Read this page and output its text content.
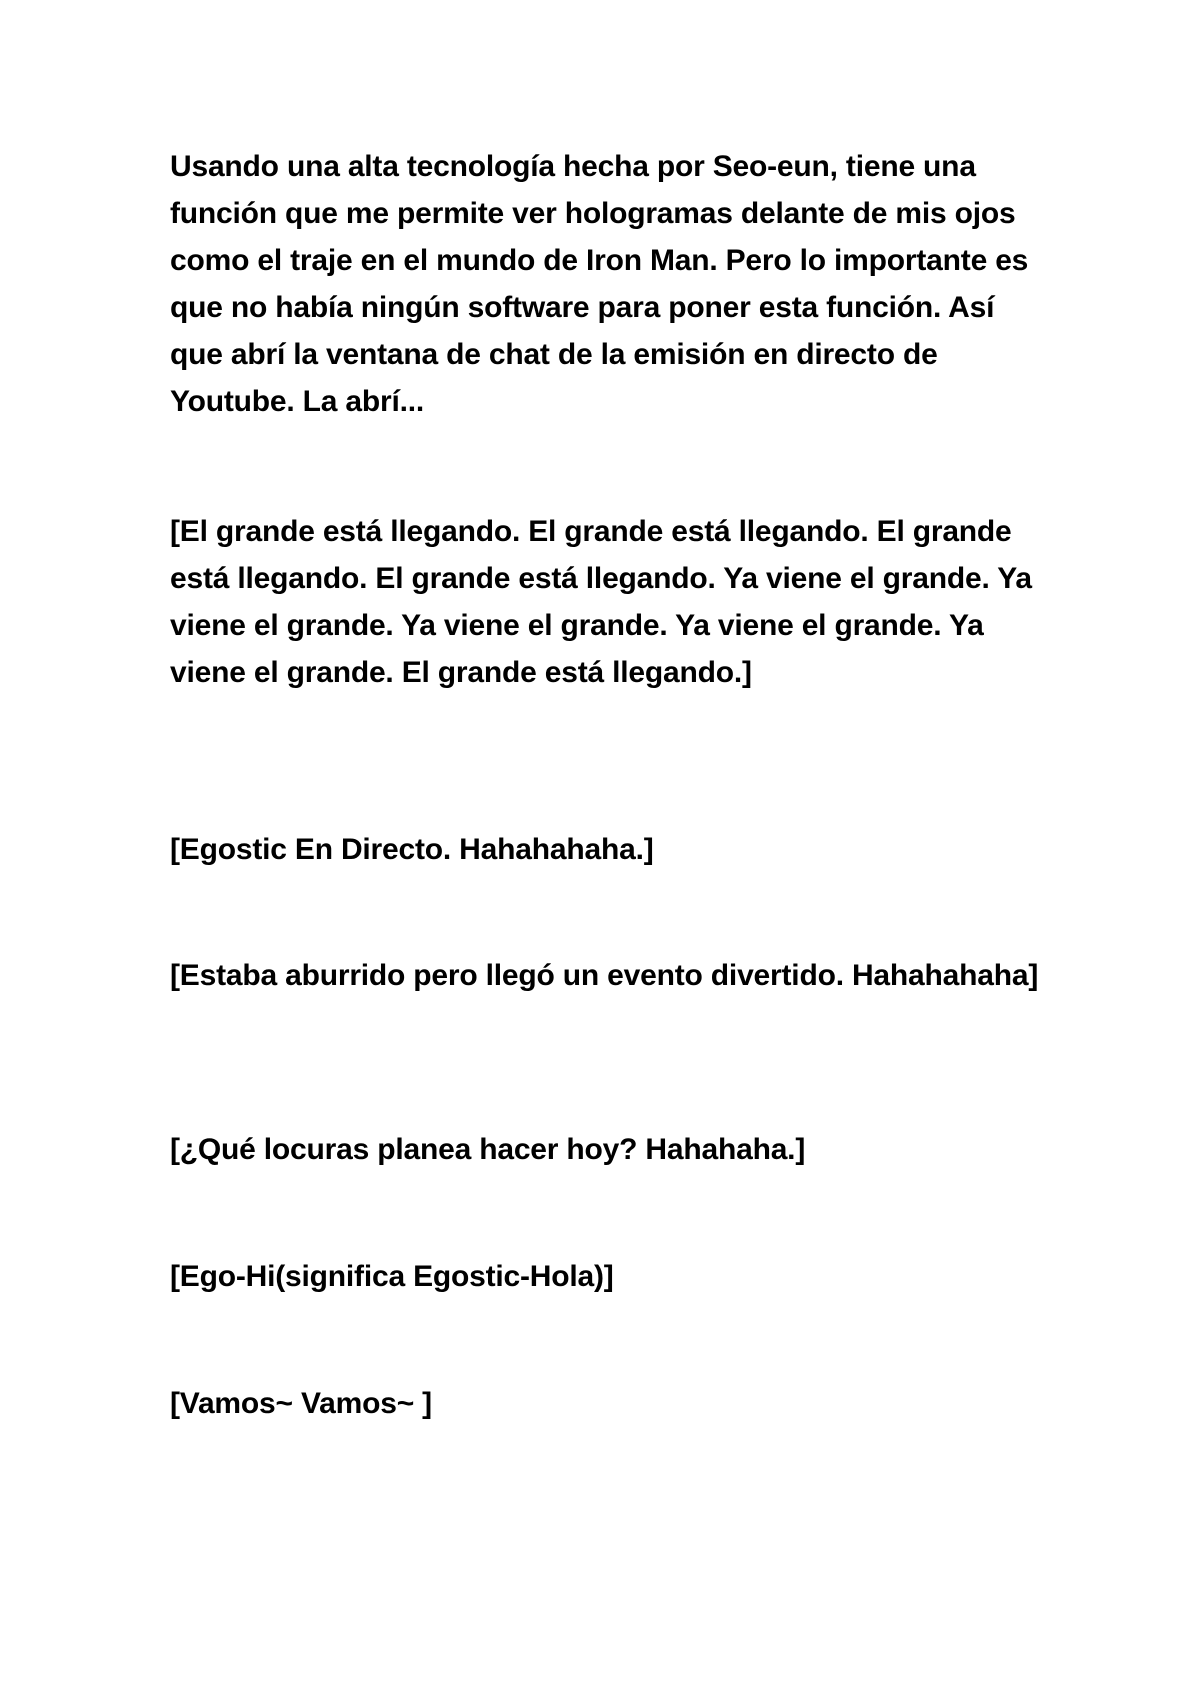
Usando una alta tecnología hecha por Seo-eun, tiene una función que me permite ver hologramas delante de mis ojos como el traje en el mundo de Iron Man. Pero lo importante es que no había ningún software para poner esta función. Así que abrí la ventana de chat de la emisión en directo de Youtube. La abrí...

[El grande está llegando. El grande está llegando. El grande está llegando. El grande está llegando. Ya viene el grande. Ya viene el grande. Ya viene el grande. Ya viene el grande. Ya viene el grande. El grande está llegando.]

[Egostic En Directo. Hahahahaha.]

[Estaba aburrido pero llegó un evento divertido. Hahahahaha]

[¿Qué locuras planea hacer hoy? Hahahaha.]

[Ego-Hi(significa Egostic-Hola)]

[Vamos~ Vamos~ ]
